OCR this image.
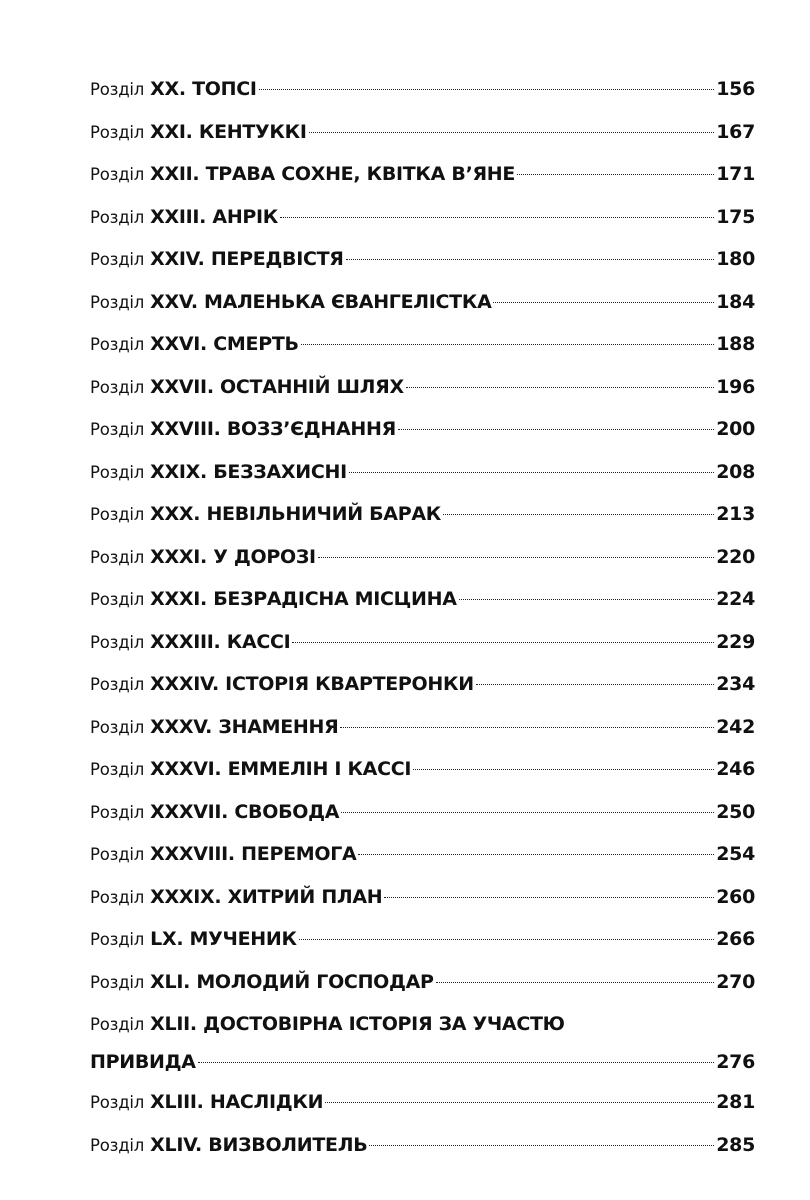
Розділ XX. ТОПСІ	156
Розділ XXI. КЕНТУККІ	167
Розділ XXII. ТРАВА СОХНЕ, КВІТКА В’ЯНЕ	171
Розділ XXIII. АНРІК	175
Розділ XXIV. ПЕРЕДВІСТЯ	180
Розділ XXV. МАЛЕНЬКА ЄВАНГЕЛІСТКА	184
Розділ XXVI. СМЕРТЬ	188
Розділ XXVII. ОСТАННІЙ ШЛЯХ	196
Розділ XXVIII. ВОЗЗ’ЄДНАННЯ	200
Розділ XXIX. БЕЗЗАХИСНІ	208
Розділ XXX. НЕВІЛЬНИЧИЙ БАРАК	213
Розділ XXXI. У ДОРОЗІ	220
Розділ XXXI. БЕЗРАДІСНА МІСЦИНА	224
Розділ XXXIII. КАССІ	229
Розділ XXXIV. ІСТОРІЯ КВАРТЕРОНКИ	234
Розділ XXXV. ЗНАМЕННЯ	242
Розділ XXXVI. ЕММЕЛІН І КАССІ	246
Розділ XXXVII. СВОБОДА	250
Розділ XXXVIII. ПЕРЕМОГА	254
Розділ XXXIX. ХИТРИЙ ПЛАН	260
Розділ LX. МУЧЕНИК	266
Розділ XLI. МОЛОДИЙ ГОСПОДАР	270
Розділ XLII. ДОСТОВІРНА ІСТОРІЯ ЗА УЧАСТЮ
ПРИВИДА	276
Розділ XLIII. НАСЛІДКИ	281
Розділ XLIV. ВИЗВОЛИТЕЛЬ	285
